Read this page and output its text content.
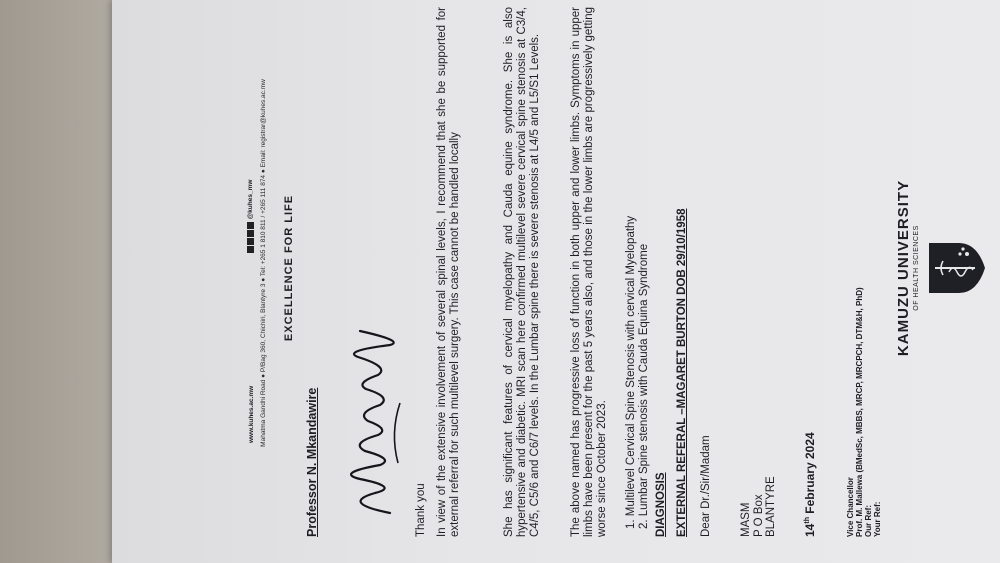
KAMUZU UNIVERSITY OF HEALTH SCIENCES
Vice Chancellor Prof. M. Mallewa (BMedSc, MBBS, MRCP, MRCPCH, DTM&H, PhD) Our Ref: Your Ref:
14th February 2024
MASM P O Box BLANTYRE
Dear Dr./Sir/Madam
EXTERNAL REFERAL –MAGARET BURTON DOB 29/10/1958
DIAGNOSIS
1. Multilevel Cervical Spine Stenosis with cervical Myelopathy 2. Lumbar Spine stenosis with Cauda Equina Syndrome

The above named has progressive loss of function in both upper and lower limbs. Symptoms in upper limbs have been present for the past 5 years also, and those in the lower limbs are progressively getting worse since October 2023.

She has significant features of cervical myelopathy and Cauda equine syndrome. She is also hypertensive and diabetic. MRI scan here confirmed multilevel severe cervical spine stenosis at C3/4, C4/5, C5/6 and C6/7 levels. In the Lumbar spine there is severe stenosis at L4/5 and L5/S1 Levels.

In view of the extensive involvement of several spinal levels, I recommend that she be supported for external referral for such multilevel surgery. This case cannot be handled locally

Thank you
Professor N. Mkandawire
EXCELLENCE FOR LIFE
Mahatma Gandhi Road ● P/Bag 360, Chichiri, Blantyre 3 ● Tel: +265 1 810 811 / +265 111 874 ● Email: registrar@kuhes.ac.mw
www.kuhes.ac.mw
@kuhes_mw
